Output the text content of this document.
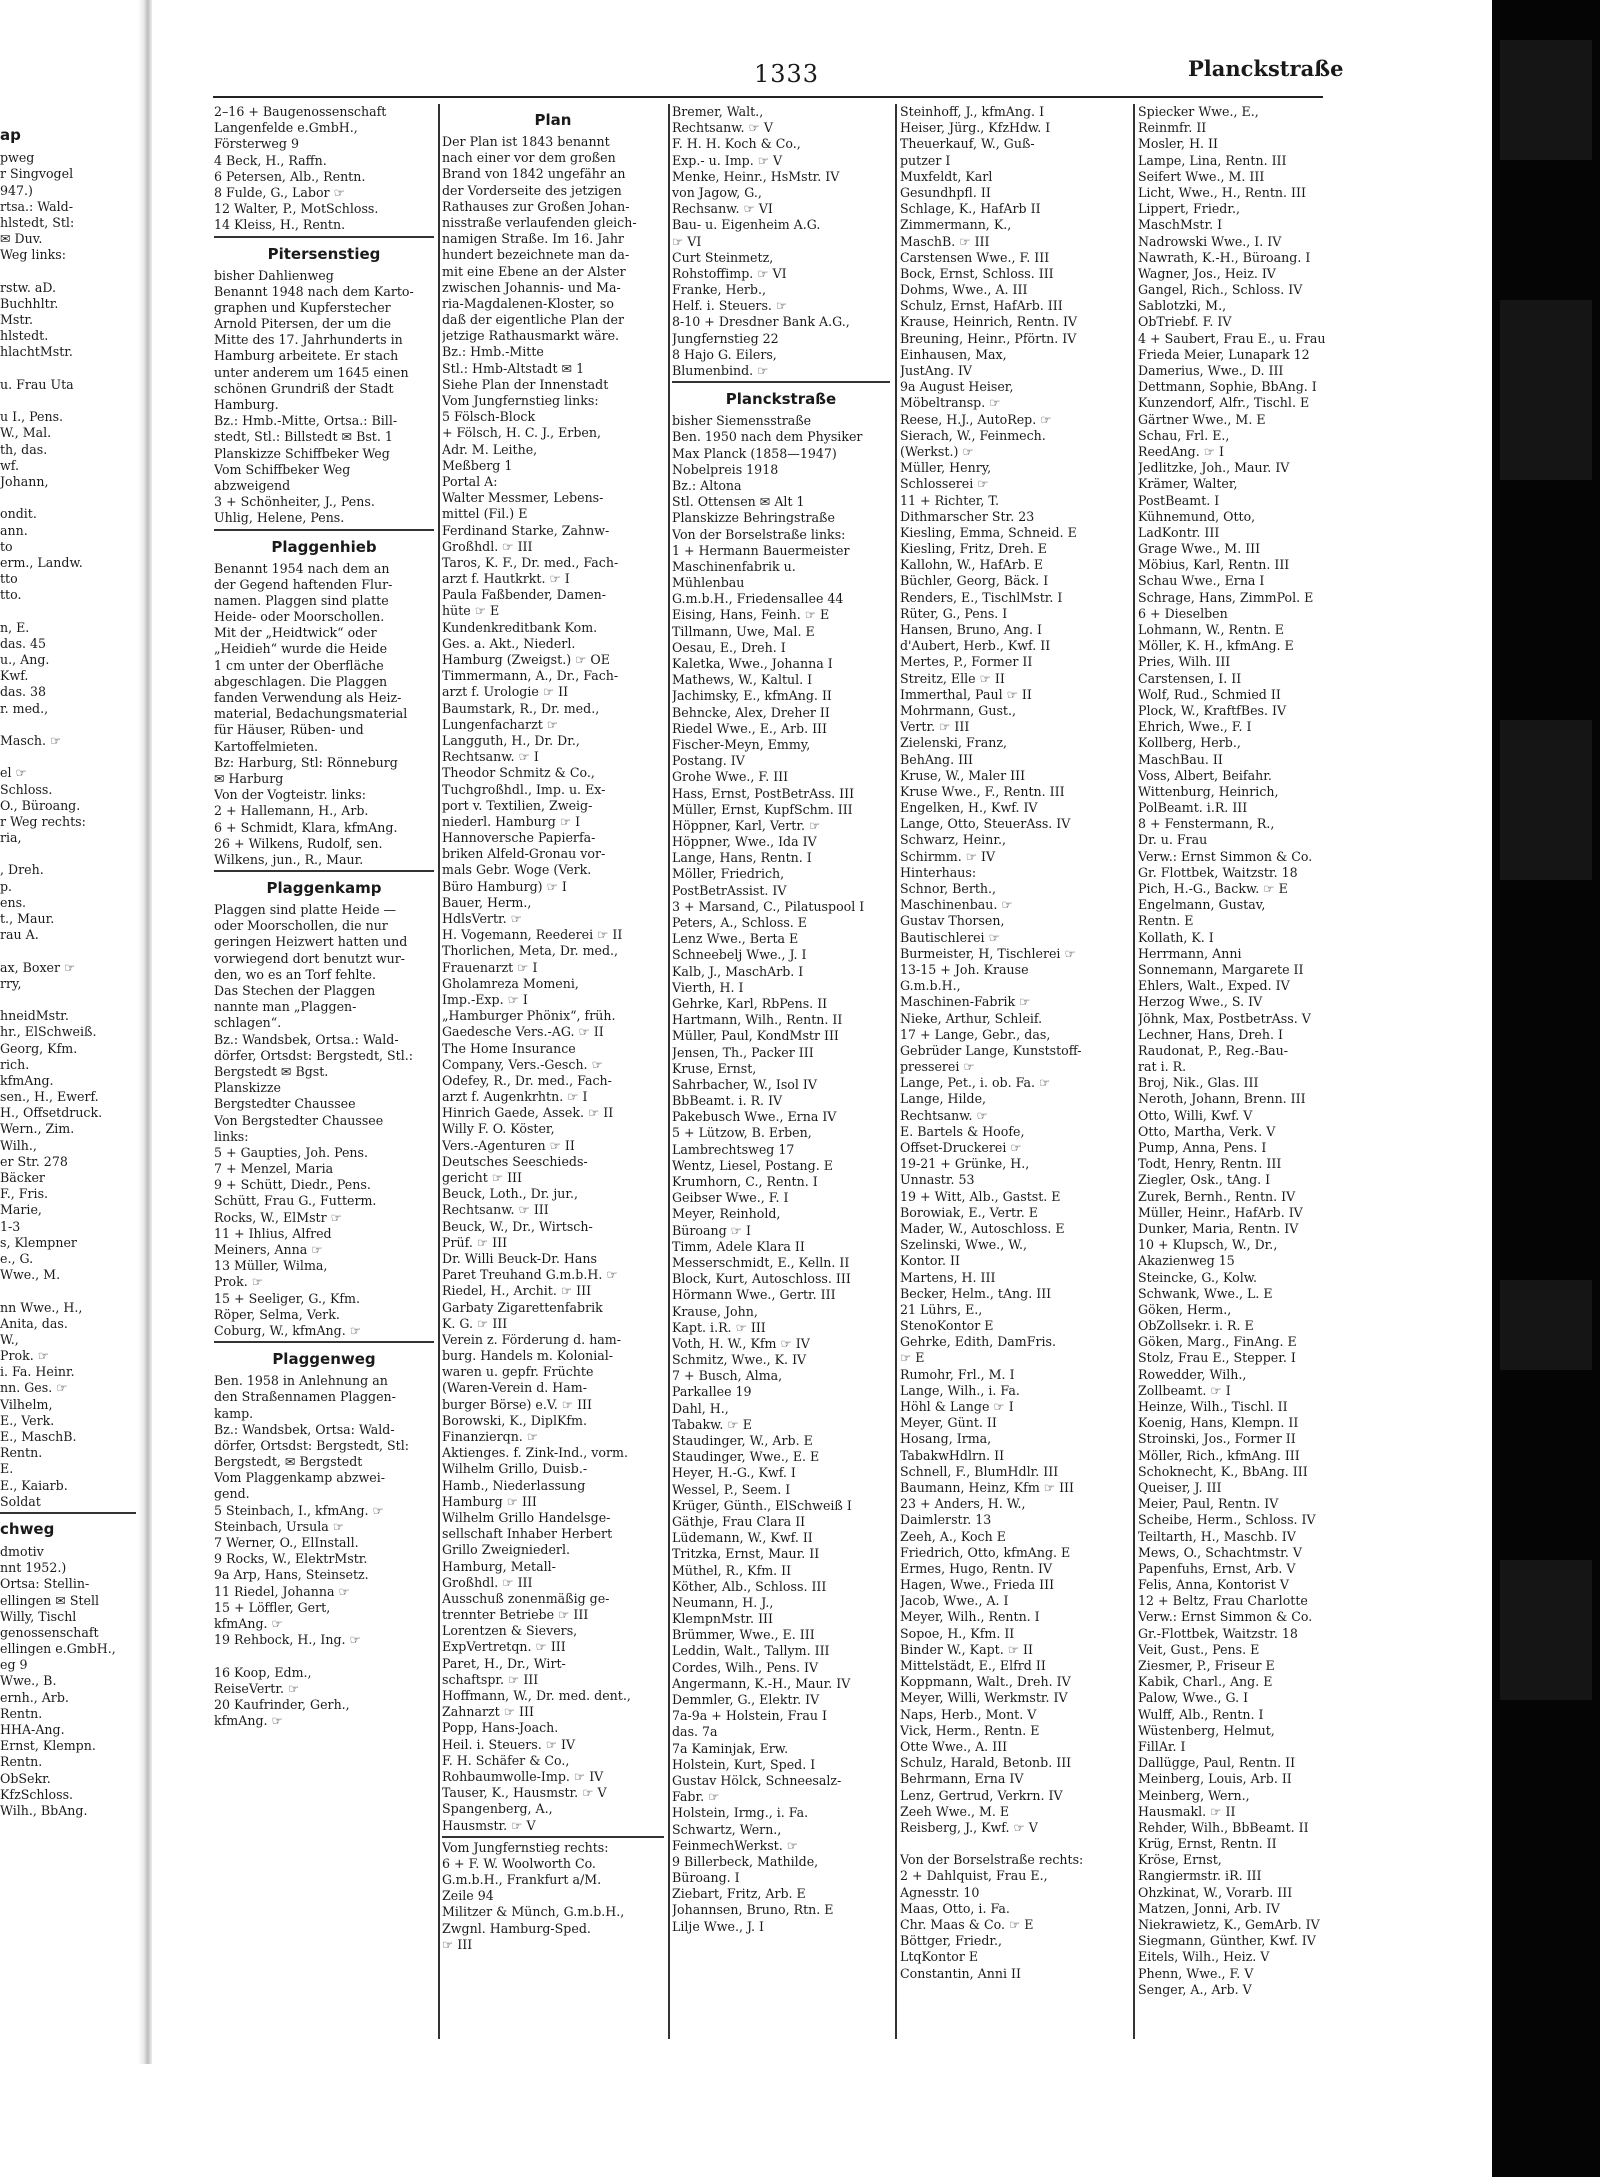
ap
pweg
r Singvogel
947.)
rtsa.: Wald-
hlstedt, Stl:
✉ Duv.
Weg links:
rstw. aD.
Buchhltr.
Mstr.
hlstedt.
hlachtMstr.
u. Frau Uta
u I., Pens.
W., Mal.
th, das.
wf.
Johann,
ondit.
ann.
to
erm., Landw.
tto
tto.
n, E.
das. 45
u., Ang.
Kwf.
das. 38
r. med.,
Masch. ☞
el ☞
Schloss.
O., Büroang.
r Weg rechts:
ria,
, Dreh.
p.
ens.
t., Maur.
rau A.
ax, Boxer ☞
rry,
hneidMstr.
hr., ElSchweiß.
Georg, Kfm.
rich.
kfmAng.
sen., H., Ewerf.
H., Offsetdruck.
Wern., Zim.
Wilh.,
er Str. 278
Bäcker
F., Fris.
Marie,
1-3
s, Klempner
e., G.
Wwe., M.
nn Wwe., H.,
Anita, das.
W.,
Prok. ☞
i. Fa. Heinr.
nn. Ges. ☞
Vilhelm,
E., Verk.
E., MaschB.
Rentn.
E.
E., Kaiarb.
Soldat
chweg
dmotiv
nnt 1952.)
Ortsa: Stellin-
ellingen ✉ Stell
Willy, Tischl
genossenschaft
ellingen e.GmbH.,
eg 9
Wwe., B.
ernh., Arb.
Rentn.
HHA-Ang.
Ernst, Klempn.
Rentn.
ObSekr.
KfzSchloss.
Wilh., BbAng.
1333	Planckstraße
2–16 + Baugenossenschaft
Langenfelde e.GmbH.,
Försterweg 9
4 Beck, H., Raffn.
6 Petersen, Alb., Rentn.
8 Fulde, G., Labor ☞
12 Walter, P., MotSchloss.
14 Kleiss, H., Rentn.
Pitersenstieg
bisher Dahlienweg
Benannt 1948 nach dem Karto-
graphen und Kupferstecher
Arnold Pitersen, der um die
Mitte des 17. Jahrhunderts in
Hamburg arbeitete. Er stach
unter anderem um 1645 einen
schönen Grundriß der Stadt
Hamburg.
Bz.: Hmb.-Mitte, Ortsa.: Bill-
stedt, Stl.: Billstedt ✉ Bst. 1
Planskizze Schiffbeker Weg
Vom Schiffbeker Weg
abzweigend
3 + Schönheiter, J., Pens.
Uhlig, Helene, Pens.
Plaggenhieb
Benannt 1954 nach dem an
der Gegend haftenden Flur-
namen. Plaggen sind platte
Heide- oder Moorschollen.
Mit der „Heidtwick“ oder
„Heidieh“ wurde die Heide
1 cm unter der Oberfläche
abgeschlagen. Die Plaggen
fanden Verwendung als Heiz-
material, Bedachungsmaterial
für Häuser, Rüben- und
Kartoffelmieten.
Bz: Harburg, Stl: Rönneburg
✉ Harburg
Von der Vogteistr. links:
2 + Hallemann, H., Arb.
6 + Schmidt, Klara, kfmAng.
26 + Wilkens, Rudolf, sen.
Wilkens, jun., R., Maur.
Plaggenkamp
Plaggen sind platte Heide —
oder Moorschollen, die nur
geringen Heizwert hatten und
vorwiegend dort benutzt wur-
den, wo es an Torf fehlte.
Das Stechen der Plaggen
nannte man „Plaggen-
schlagen“.
Bz.: Wandsbek, Ortsa.: Wald-
dörfer, Ortsdst: Bergstedt, Stl.:
Bergstedt ✉ Bgst.
Planskizze
Bergstedter Chaussee
Von Bergstedter Chaussee
links:
5 + Gaupties, Joh. Pens.
7 + Menzel, Maria
9 + Schütt, Diedr., Pens.
Schütt, Frau G., Futterm.
Rocks, W., ElMstr ☞
11 + Ihlius, Alfred
Meiners, Anna ☞
13 Müller, Wilma,
Prok. ☞
15 + Seeliger, G., Kfm.
Röper, Selma, Verk.
Coburg, W., kfmAng. ☞
Plaggenweg
Ben. 1958 in Anlehnung an
den Straßennamen Plaggen-
kamp.
Bz.: Wandsbek, Ortsa: Wald-
dörfer, Ortsdst: Bergstedt, Stl:
Bergstedt, ✉ Bergstedt
Vom Plaggenkamp abzwei-
gend.
5 Steinbach, I., kfmAng. ☞
Steinbach, Ursula ☞
7 Werner, O., ElInstall.
9 Rocks, W., ElektrMstr.
9a Arp, Hans, Steinsetz.
11 Riedel, Johanna ☞
15 + Löffler, Gert,
kfmAng. ☞
19 Rehbock, H., Ing. ☞
16 Koop, Edm.,
ReiseVertr. ☞
20 Kaufrinder, Gerh.,
kfmAng. ☞
Plan
Der Plan ist 1843 benannt
nach einer vor dem großen
Brand von 1842 ungefähr an
der Vorderseite des jetzigen
Rathauses zur Großen Johan-
nisstraße verlaufenden gleich-
namigen Straße. Im 16. Jahr
hundert bezeichnete man da-
mit eine Ebene an der Alster
zwischen Johannis- und Ma-
ria-Magdalenen-Kloster, so
daß der eigentliche Plan der
jetzige Rathausmarkt wäre.
Bz.: Hmb.-Mitte
Stl.: Hmb-Altstadt ✉ 1
Siehe Plan der Innenstadt
Vom Jungfernstieg links:
5 Fölsch-Block
+ Fölsch, H. C. J., Erben,
Adr. M. Leithe,
Meßberg 1
Portal A:
Walter Messmer, Lebens-
mittel (Fil.) E
Ferdinand Starke, Zahnw-
Großhdl. ☞ III
Taros, K. F., Dr. med., Fach-
arzt f. Hautkrkt. ☞ I
Paula Faßbender, Damen-
hüte ☞ E
Kundenkreditbank Kom.
Ges. a. Akt., Niederl.
Hamburg (Zweigst.) ☞ OE
Timmermann, A., Dr., Fach-
arzt f. Urologie ☞ II
Baumstark, R., Dr. med.,
Lungenfacharzt ☞
Langguth, H., Dr. Dr.,
Rechtsanw. ☞ I
Theodor Schmitz & Co.,
Tuchgroßhdl., Imp. u. Ex-
port v. Textilien, Zweig-
niederl. Hamburg ☞ I
Hannoversche Papierfa-
briken Alfeld-Gronau vor-
mals Gebr. Woge (Verk.
Büro Hamburg) ☞ I
Bauer, Herm.,
HdlsVertr. ☞
H. Vogemann, Reederei ☞ II
Thorlichen, Meta, Dr. med.,
Frauenarzt ☞ I
Gholamreza Momeni,
Imp.-Exp. ☞ I
„Hamburger Phönix“, früh.
Gaedesche Vers.-AG. ☞ II
The Home Insurance
Company, Vers.-Gesch. ☞
Odefey, R., Dr. med., Fach-
arzt f. Augenkrhtn. ☞ I
Hinrich Gaede, Assek. ☞ II
Willy F. O. Köster,
Vers.-Agenturen ☞ II
Deutsches Seeschieds-
gericht ☞ III
Beuck, Loth., Dr. jur.,
Rechtsanw. ☞ III
Beuck, W., Dr., Wirtsch-
Prüf. ☞ III
Dr. Willi Beuck-Dr. Hans
Paret Treuhand G.m.b.H. ☞
Riedel, H., Archit. ☞ III
Garbaty Zigarettenfabrik
K. G. ☞ III
Verein z. Förderung d. ham-
burg. Handels m. Kolonial-
waren u. gepfr. Früchte
(Waren-Verein d. Ham-
burger Börse) e.V. ☞ III
Borowski, K., DiplKfm.
Finanzierqn. ☞
Aktienges. f. Zink-Ind., vorm.
Wilhelm Grillo, Duisb.-
Hamb., Niederlassung
Hamburg ☞ III
Wilhelm Grillo Handelsge-
sellschaft Inhaber Herbert
Grillo Zweigniederl.
Hamburg, Metall-
Großhdl. ☞ III
Ausschuß zonenmäßig ge-
trennter Betriebe ☞ III
Lorentzen & Sievers,
ExpVertretqn. ☞ III
Paret, H., Dr., Wirt-
schaftspr. ☞ III
Hoffmann, W., Dr. med. dent.,
Zahnarzt ☞ III
Popp, Hans-Joach.
Heil. i. Steuers. ☞ IV
F. H. Schäfer & Co.,
Rohbaumwolle-Imp. ☞ IV
Tauser, K., Hausmstr. ☞ V
Spangenberg, A.,
Hausmstr. ☞ V
Vom Jungfernstieg rechts:
6 + F. W. Woolworth Co.
G.m.b.H., Frankfurt a/M.
Zeile 94
Militzer & Münch, G.m.b.H.,
Zwgnl. Hamburg-Sped.
☞ III
Bremer, Walt.,
Rechtsanw. ☞ V
F. H. H. Koch & Co.,
Exp.- u. Imp. ☞ V
Menke, Heinr., HsMstr. IV
von Jagow, G.,
Rechsanw. ☞ VI
Bau- u. Eigenheim A.G.
☞ VI
Curt Steinmetz,
Rohstoffimp. ☞ VI
Franke, Herb.,
Helf. i. Steuers. ☞
8-10 + Dresdner Bank A.G.,
Jungfernstieg 22
8 Hajo G. Eilers,
Blumenbind. ☞
Planckstraße
bisher Siemensstraße
Ben. 1950 nach dem Physiker
Max Planck (1858—1947)
Nobelpreis 1918
Bz.: Altona
Stl. Ottensen ✉ Alt 1
Planskizze Behringstraße
Von der Borselstraße links:
1 + Hermann Bauermeister
Maschinenfabrik u.
Mühlenbau
G.m.b.H., Friedensallee 44
Eising, Hans, Feinh. ☞ E
Tillmann, Uwe, Mal. E
Oesau, E., Dreh. I
Kaletka, Wwe., Johanna I
Mathews, W., Kaltul. I
Jachimsky, E., kfmAng. II
Behncke, Alex, Dreher II
Riedel Wwe., E., Arb. III
Fischer-Meyn, Emmy,
Postang. IV
Grohe Wwe., F. III
Hass, Ernst, PostBetrAss. III
Müller, Ernst, KupfSchm. III
Höppner, Karl, Vertr. ☞
Höppner, Wwe., Ida IV
Lange, Hans, Rentn. I
Möller, Friedrich,
PostBetrAssist. IV
3 + Marsand, C., Pilatuspool I
Peters, A., Schloss. E
Lenz Wwe., Berta E
Schneebelj Wwe., J. I
Kalb, J., MaschArb. I
Vierth, H. I
Gehrke, Karl, RbPens. II
Hartmann, Wilh., Rentn. II
Müller, Paul, KondMstr III
Jensen, Th., Packer III
Kruse, Ernst,
Sahrbacher, W., Isol IV
BbBeamt. i. R. IV
Pakebusch Wwe., Erna IV
5 + Lützow, B. Erben,
Lambrechtsweg 17
Wentz, Liesel, Postang. E
Krumhorn, C., Rentn. I
Geibser Wwe., F. I
Meyer, Reinhold,
Büroang ☞ I
Timm, Adele Klara II
Messerschmidt, E., Kelln. II
Block, Kurt, Autoschloss. III
Hörmann Wwe., Gertr. III
Krause, John,
Kapt. i.R. ☞ III
Voth, H. W., Kfm ☞ IV
Schmitz, Wwe., K. IV
7 + Busch, Alma,
Parkallee 19
Dahl, H.,
Tabakw. ☞ E
Staudinger, W., Arb. E
Staudinger, Wwe., E. E
Heyer, H.-G., Kwf. I
Wessel, P., Seem. I
Krüger, Günth., ElSchweiß I
Gäthje, Frau Clara II
Lüdemann, W., Kwf. II
Tritzka, Ernst, Maur. II
Müthel, R., Kfm. II
Köther, Alb., Schloss. III
Neumann, H. J.,
KlempnMstr. III
Brümmer, Wwe., E. III
Leddin, Walt., Tallym. III
Cordes, Wilh., Pens. IV
Angermann, K.-H., Maur. IV
Demmler, G., Elektr. IV
7a-9a + Holstein, Frau I
das. 7a
7a Kaminjak, Erw.
Holstein, Kurt, Sped. I
Gustav Hölck, Schneesalz-
Fabr. ☞
Holstein, Irmg., i. Fa.
Schwartz, Wern.,
FeinmechWerkst. ☞
9 Billerbeck, Mathilde,
Büroang. I
Ziebart, Fritz, Arb. E
Johannsen, Bruno, Rtn. E
Lilje Wwe., J. I
Steinhoff, J., kfmAng. I
Heiser, Jürg., KfzHdw. I
Theuerkauf, W., Guß-
putzer I
Muxfeldt, Karl
Gesundhpfl. II
Schlage, K., HafArb II
Zimmermann, K.,
MaschB. ☞ III
Carstensen Wwe., F. III
Bock, Ernst, Schloss. III
Dohms, Wwe., A. III
Schulz, Ernst, HafArb. III
Krause, Heinrich, Rentn. IV
Breuning, Heinr., Pförtn. IV
Einhausen, Max,
JustAng. IV
9a August Heiser,
Möbeltransp. ☞
Reese, H.J., AutoRep. ☞
Sierach, W., Feinmech.
(Werkst.) ☞
Müller, Henry,
Schlosserei ☞
11 + Richter, T.
Dithmarscher Str. 23
Kiesling, Emma, Schneid. E
Kiesling, Fritz, Dreh. E
Kallohn, W., HafArb. E
Büchler, Georg, Bäck. I
Renders, E., TischlMstr. I
Rüter, G., Pens. I
Hansen, Bruno, Ang. I
d'Aubert, Herb., Kwf. II
Mertes, P., Former II
Streitz, Elle ☞ II
Immerthal, Paul ☞ II
Mohrmann, Gust.,
Vertr. ☞ III
Zielenski, Franz,
BehAng. III
Kruse, W., Maler III
Kruse Wwe., F., Rentn. III
Engelken, H., Kwf. IV
Lange, Otto, SteuerAss. IV
Schwarz, Heinr.,
Schirmm. ☞ IV
Hinterhaus:
Schnor, Berth.,
Maschinenbau. ☞
Gustav Thorsen,
Bautischlerei ☞
Burmeister, H, Tischlerei ☞
13-15 + Joh. Krause
G.m.b.H.,
Maschinen-Fabrik ☞
Nieke, Arthur, Schleif.
17 + Lange, Gebr., das,
Gebrüder Lange, Kunststoff-
presserei ☞
Lange, Pet., i. ob. Fa. ☞
Lange, Hilde,
Rechtsanw. ☞
E. Bartels & Hoofe,
Offset-Druckerei ☞
19-21 + Grünke, H.,
Unnastr. 53
19 + Witt, Alb., Gastst. E
Borowiak, E., Vertr. E
Mader, W., Autoschloss. E
Szelinski, Wwe., W.,
Kontor. II
Martens, H. III
Becker, Helm., tAng. III
21 Lührs, E.,
StenoKontor E
Gehrke, Edith, DamFris.
☞ E
Rumohr, Frl., M. I
Lange, Wilh., i. Fa.
Höhl & Lange ☞ I
Meyer, Günt. II
Hosang, Irma,
TabakwHdlrn. II
Schnell, F., BlumHdlr. III
Baumann, Heinz, Kfm ☞ III
23 + Anders, H. W.,
Daimlerstr. 13
Zeeh, A., Koch E
Friedrich, Otto, kfmAng. E
Ermes, Hugo, Rentn. IV
Hagen, Wwe., Frieda III
Jacob, Wwe., A. I
Meyer, Wilh., Rentn. I
Sopoe, H., Kfm. II
Binder W., Kapt. ☞ II
Mittelstädt, E., Elfrd II
Koppmann, Walt., Dreh. IV
Meyer, Willi, Werkmstr. IV
Naps, Herb., Mont. V
Vick, Herm., Rentn. E
Otte Wwe., A. III
Schulz, Harald, Betonb. III
Behrmann, Erna IV
Lenz, Gertrud, Verkrn. IV
Zeeh Wwe., M. E
Reisberg, J., Kwf. ☞ V
Von der Borselstraße rechts:
2 + Dahlquist, Frau E.,
Agnesstr. 10
Maas, Otto, i. Fa.
Chr. Maas & Co. ☞ E
Böttger, Friedr.,
LtqKontor E
Constantin, Anni II
Spiecker Wwe., E.,
Reinmfr. II
Mosler, H. II
Lampe, Lina, Rentn. III
Seifert Wwe., M. III
Licht, Wwe., H., Rentn. III
Lippert, Friedr.,
MaschMstr. I
Nadrowski Wwe., I. IV
Nawrath, K.-H., Büroang. I
Wagner, Jos., Heiz. IV
Gangel, Rich., Schloss. IV
Sablotzki, M.,
ObTriebf. F. IV
4 + Saubert, Frau E., u. Frau
Frieda Meier, Lunapark 12
Damerius, Wwe., D. III
Dettmann, Sophie, BbAng. I
Kunzendorf, Alfr., Tischl. E
Gärtner Wwe., M. E
Schau, Frl. E.,
ReedAng. ☞ I
Jedlitzke, Joh., Maur. IV
Krämer, Walter,
PostBeamt. I
Kühnemund, Otto,
LadKontr. III
Grage Wwe., M. III
Möbius, Karl, Rentn. III
Schau Wwe., Erna I
Schrage, Hans, ZimmPol. E
6 + Dieselben
Lohmann, W., Rentn. E
Möller, K. H., kfmAng. E
Pries, Wilh. III
Carstensen, I. II
Wolf, Rud., Schmied II
Plock, W., KraftfBes. IV
Ehrich, Wwe., F. I
Kollberg, Herb.,
MaschBau. II
Voss, Albert, Beifahr.
Wittenburg, Heinrich,
PolBeamt. i.R. III
8 + Fenstermann, R.,
Dr. u. Frau
Verw.: Ernst Simmon & Co.
Gr. Flottbek, Waitzstr. 18
Pich, H.-G., Backw. ☞ E
Engelmann, Gustav,
Rentn. E
Kollath, K. I
Herrmann, Anni
Sonnemann, Margarete II
Ehlers, Walt., Exped. IV
Herzog Wwe., S. IV
Jöhnk, Max, PostbetrAss. V
Lechner, Hans, Dreh. I
Raudonat, P., Reg.-Bau-
rat i. R.
Broj, Nik., Glas. III
Neroth, Johann, Brenn. III
Otto, Willi, Kwf. V
Otto, Martha, Verk. V
Pump, Anna, Pens. I
Todt, Henry, Rentn. III
Ziegler, Osk., tAng. I
Zurek, Bernh., Rentn. IV
Müller, Heinr., HafArb. IV
Dunker, Maria, Rentn. IV
10 + Klupsch, W., Dr.,
Akazienweg 15
Steincke, G., Kolw.
Schwank, Wwe., L. E
Göken, Herm.,
ObZollsekr. i. R. E
Göken, Marg., FinAng. E
Stolz, Frau E., Stepper. I
Rowedder, Wilh.,
Zollbeamt. ☞ I
Heinze, Wilh., Tischl. II
Koenig, Hans, Klempn. II
Stroinski, Jos., Former II
Möller, Rich., kfmAng. III
Schoknecht, K., BbAng. III
Queiser, J. III
Meier, Paul, Rentn. IV
Scheibe, Herm., Schloss. IV
Teiltarth, H., Maschb. IV
Mews, O., Schachtmstr. V
Papenfuhs, Ernst, Arb. V
Felis, Anna, Kontorist V
12 + Beltz, Frau Charlotte
Verw.: Ernst Simmon & Co.
Gr.-Flottbek, Waitzstr. 18
Veit, Gust., Pens. E
Ziesmer, P., Friseur E
Kabik, Charl., Ang. E
Palow, Wwe., G. I
Wulff, Alb., Rentn. I
Wüstenberg, Helmut,
FillAr. I
Dallügge, Paul, Rentn. II
Meinberg, Louis, Arb. II
Meinberg, Wern.,
Hausmakl. ☞ II
Rehder, Wilh., BbBeamt. II
Krüg, Ernst, Rentn. II
Kröse, Ernst,
Rangiermstr. iR. III
Ohzkinat, W., Vorarb. III
Matzen, Jonni, Arb. IV
Niekrawietz, K., GemArb. IV
Siegmann, Günther, Kwf. IV
Eitels, Wilh., Heiz. V
Phenn, Wwe., F. V
Senger, A., Arb. V
